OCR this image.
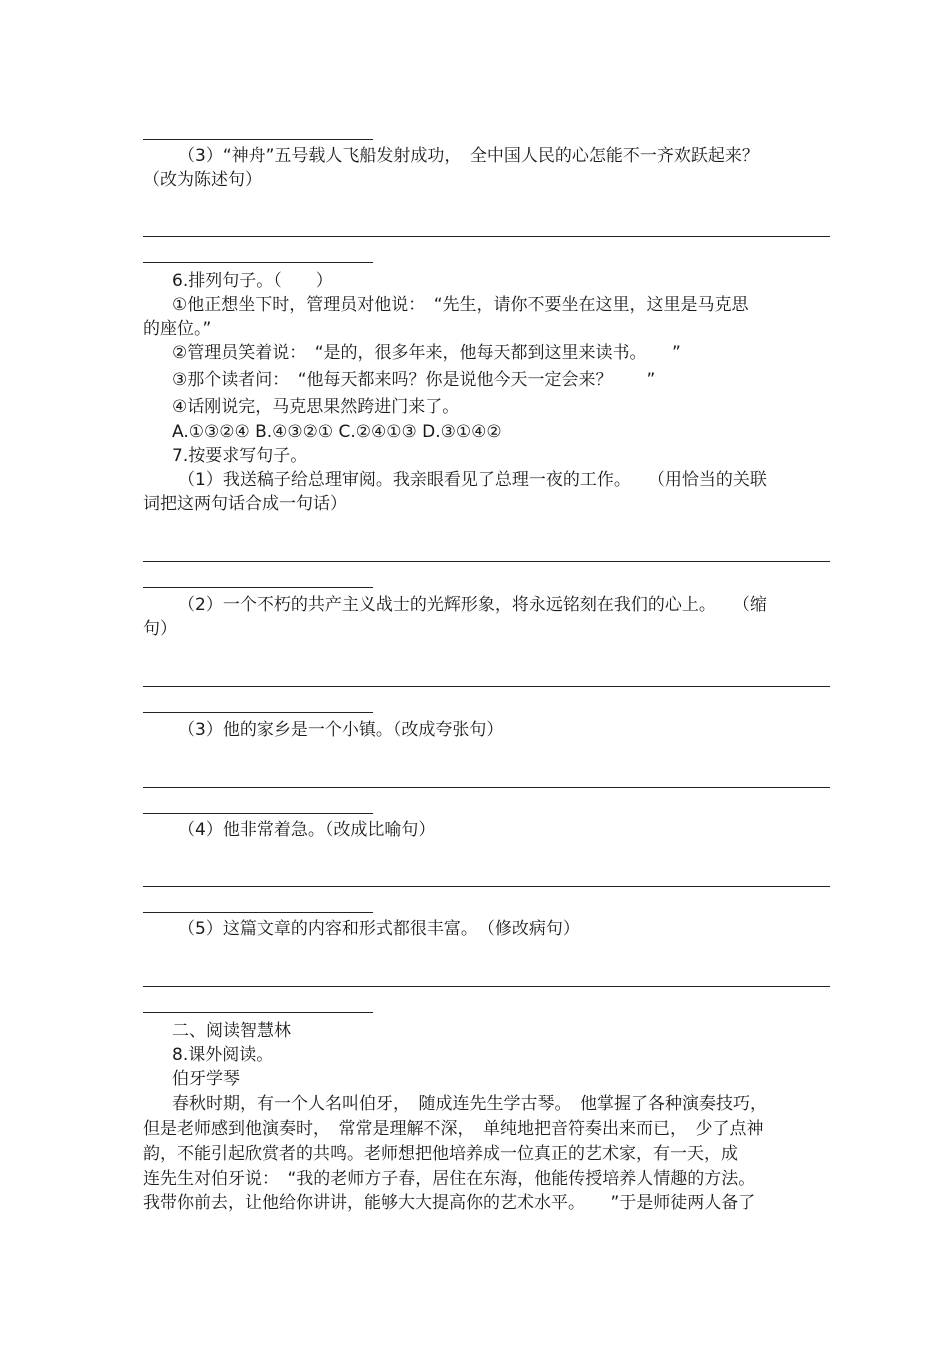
（3）“神舟”五号载人飞船发射成功，　全中国人民的心怎能不一齐欢跃起来？
（改为陈述句）
6.排列句子。（　　）
①他正想坐下时，管理员对他说：　“先生，请你不要坐在这里，这里是马克思
的座位。”
②管理员笑着说：　“是的，很多年来，他每天都到这里来读书。　　”
③那个读者问：　“他每天都来吗？你是说他今天一定会来？　　”
④话刚说完，马克思果然跨进门来了。
A.①③②④ B.④③②① C.②④①③ D.③①④②
7.按要求写句子。
（1）我送稿子给总理审阅。我亲眼看见了总理一夜的工作。　　（用恰当的关联
词把这两句话合成一句话）
（2）一个不朽的共产主义战士的光辉形象，将永远铭刻在我们的心上。　　（缩
句）
（3）他的家乡是一个小镇。（改成夸张句）
（4）他非常着急。（改成比喻句）
（5）这篇文章的内容和形式都很丰富。　（修改病句）
二、阅读智慧林
8.课外阅读。
伯牙学琴
春秋时期，有一个人名叫伯牙，　随成连先生学古琴。　他掌握了各种演奏技巧，
但是老师感到他演奏时，　常常是理解不深，　单纯地把音符奏出来而已，　少了点神
韵，不能引起欣赏者的共鸣。老师想把他培养成一位真正的艺术家，有一天，成
连先生对伯牙说：　“我的老师方子春，居住在东海，他能传授培养人情趣的方法。
我带你前去，让他给你讲讲，能够大大提高你的艺术水平。　　”于是师徒两人备了
